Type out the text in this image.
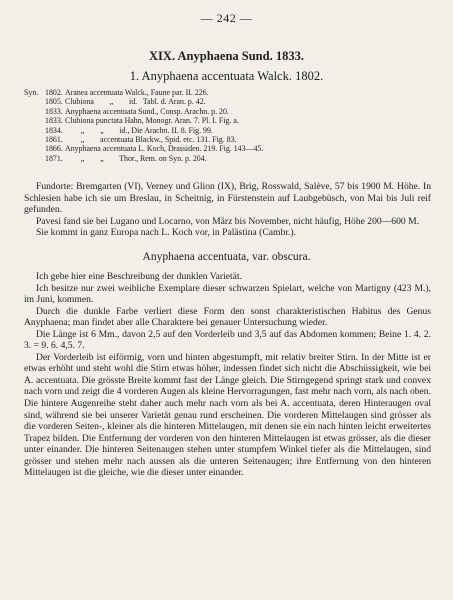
— 242 —
XIX. Anyphaena Sund. 1833.
1. Anyphaena accentuata Walck. 1802.
Syn. 1802. Aranea accentuata Walck., Faune par. II. 226.
1805. Clubiona        „        id.   Tabl. d. Aran. p. 42.
1833. Anyphaena accentuata Sund., Consp. Arachn. p. 20.
1833. Clubiona punctata Hahn, Monogr. Aran. 7. Pl. I. Fig. a.
1834. „        „        id., Die Arachn. II. 8. Fig. 99.
1861. „        accentuata Blackw., Spid. etc. 131. Fig. 83.
1866. Anyphaena accentuata L. Koch, Drassiden. 219. Fig. 143—45.
1871. „        „        Thor., Rem. on Syn. p. 204.

Fundorte: Bremgarten (VI), Verney und Glion (IX), Brig, Rosswald, Salève, 57 bis 1900 M. Höhe. In Schlesien habe ich sie um Breslau, in Scheitnig, in Fürstenstein auf Laubgebüsch, von Mai bis Juli reif gefunden.

Pavesi fand sie bei Lugano und Locarno, von März bis November, nicht häufig, Höhe 200—600 M.

Sie kommt in ganz Europa nach L. Koch vor, in Palästina (Cambr.).

Anyphaena accentuata, var. obscura.

Ich gebe hier eine Beschreibung der dunklen Varietät.

Ich besitze nur zwei weibliche Exemplare dieser schwarzen Spielart, welche von Martigny (423 M.), im Juni, kommen.

Durch die dunkle Farbe verliert diese Form den sonst charakteristischen Habitus des Genus Anyphaena; man findet aber alle Charaktere bei genauer Untersuchung wieder.

Die Länge ist 6 Mm., davon 2,5 auf den Vorderleib und 3,5 auf das Abdomen kommen; Beine 1. 4. 2. 3. = 9. 6. 4,5. 7.

Der Vorderleib ist eiförmig, vorn und hinten abgestumpft, mit relativ breiter Stirn. In der Mitte ist er etwas erhöht und steht wohl die Stirn etwas höher, indessen findet sich nicht die Abschüssigkeit, wie bei A. accentuata. Die grösste Breite kommt fast der Länge gleich. Die Stirngegend springt stark und convex nach vorn und zeigt die 4 vorderen Augen als kleine Hervorragungen, fast mehr nach vorn, als nach oben. Die hintere Augenreihe steht daher auch mehr nach vorn als bei A. accentuata, deren Hinteraugen oval sind, während sie bei unserer Varietät genau rund erscheinen. Die vorderen Mittelaugen sind grösser als die vorderen Seiten-, kleiner als die hinteren Mittelaugen, mit denen sie ein nach hinten leicht erweitertes Trapez bilden. Die Entfernung der vorderen von den hinteren Mittelaugen ist etwas grösser, als die dieser unter einander. Die hinteren Seitenaugen stehen unter stumpfem Winkel tiefer als die Mittelaugen, sind grösser und stehen mehr nach aussen als die unteren Seitenaugen; ihre Entfernung von den hinteren Mittelaugen ist die gleiche, wie die dieser unter einander.
